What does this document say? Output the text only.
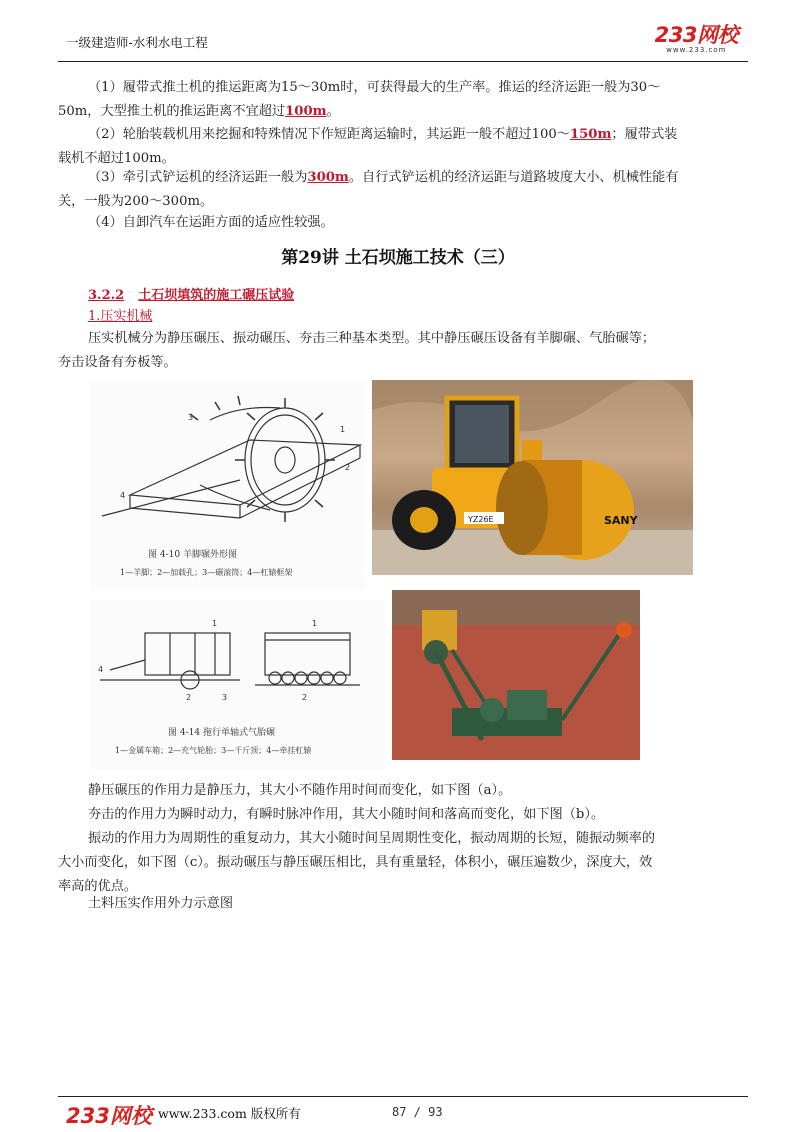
一级建造师-水利水电工程	233网校
www.233.com

（1）履带式推土机的推运距离为15～30m时，可获得最大的生产率。推运的经济运距一般为30～
50m，大型推土机的推运距离不宜超过100m。

（2）轮胎装载机用来挖掘和特殊情况下作短距离运输时，其运距一般不超过100～150m；履带式装
载机不超过100m。

（3）牵引式铲运机的经济运距一般为300m。自行式铲运机的经济运距与道路坡度大小、机械性能有
关，一般为200～300m。

（4）自卸汽车在运距方面的适应性较强。

第29讲 土石坝施工技术（三）
3.2.2 土石坝填筑的施工碾压试验
1.压实机械

压实机械分为静压碾压、振动碾压、夯击三种基本类型。其中静压碾压设备有羊脚碾、气胎碾等；

夯击设备有夯板等。

3
4
1
2
图 4-10 羊脚辗外形图
1—羊脚；2—加载孔；3—碾滚筒；4—杠辕框架
YZ26E	SANY
1	1
4
2	3	2
图 4-14 拖行单轴式气胎碾
1—金属车箱；2—充气轮胎；3—千斤顶；4—牵挂杠辕

静压碾压的作用力是静压力，其大小不随作用时间而变化，如下图（a）。

夯击的作用力为瞬时动力，有瞬时脉冲作用，其大小随时间和落高而变化，如下图（b）。

振动的作用力为周期性的重复动力，其大小随时间呈周期性变化，振动周期的长短，随振动频率的
大小而变化，如下图（c）。振动碾压与静压碾压相比，具有重量轻，体积小，碾压遍数少，深度大，效
率高的优点。

土料压实作用外力示意图

233网校 www.233.com 版权所有	87 / 93
